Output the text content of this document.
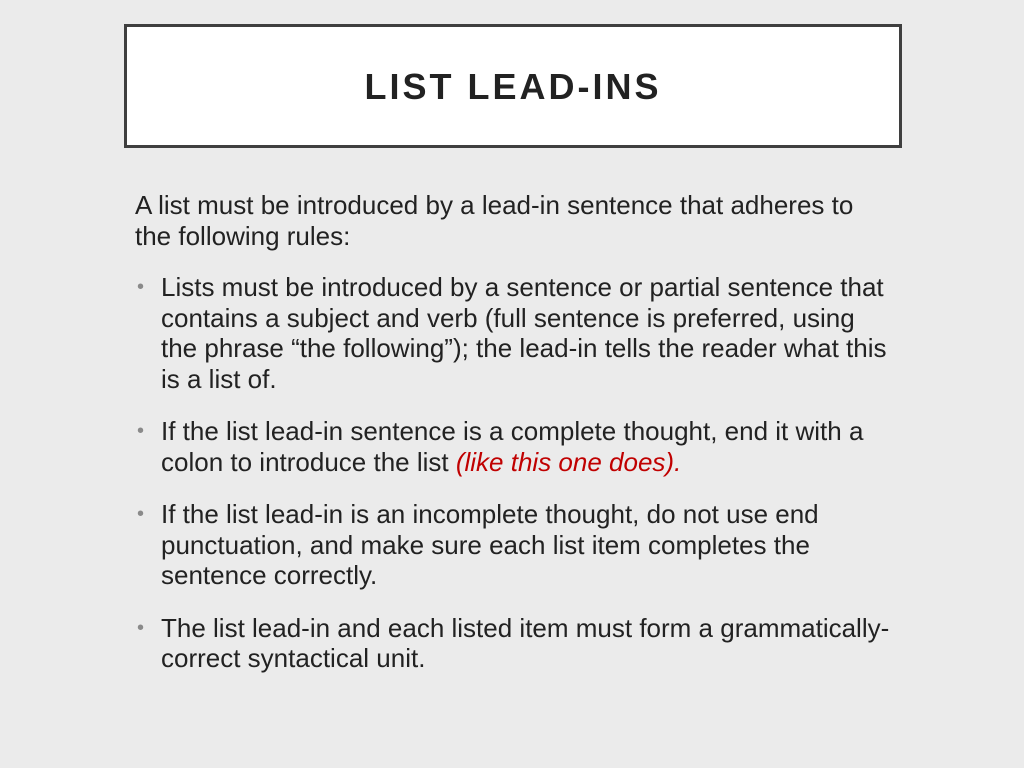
LIST LEAD-INS

A list must be introduced by a lead-in sentence that adheres to the following rules:

• Lists must be introduced by a sentence or partial sentence that contains a subject and verb (full sentence is preferred, using the phrase “the following”); the lead-in tells the reader what this is a list of.
• If the list lead-in sentence is a complete thought, end it with a colon to introduce the list (like this one does).
• If the list lead-in is an incomplete thought, do not use end punctuation, and make sure each list item completes the sentence correctly.
• The list lead-in and each listed item must form a grammatically-correct syntactical unit.
